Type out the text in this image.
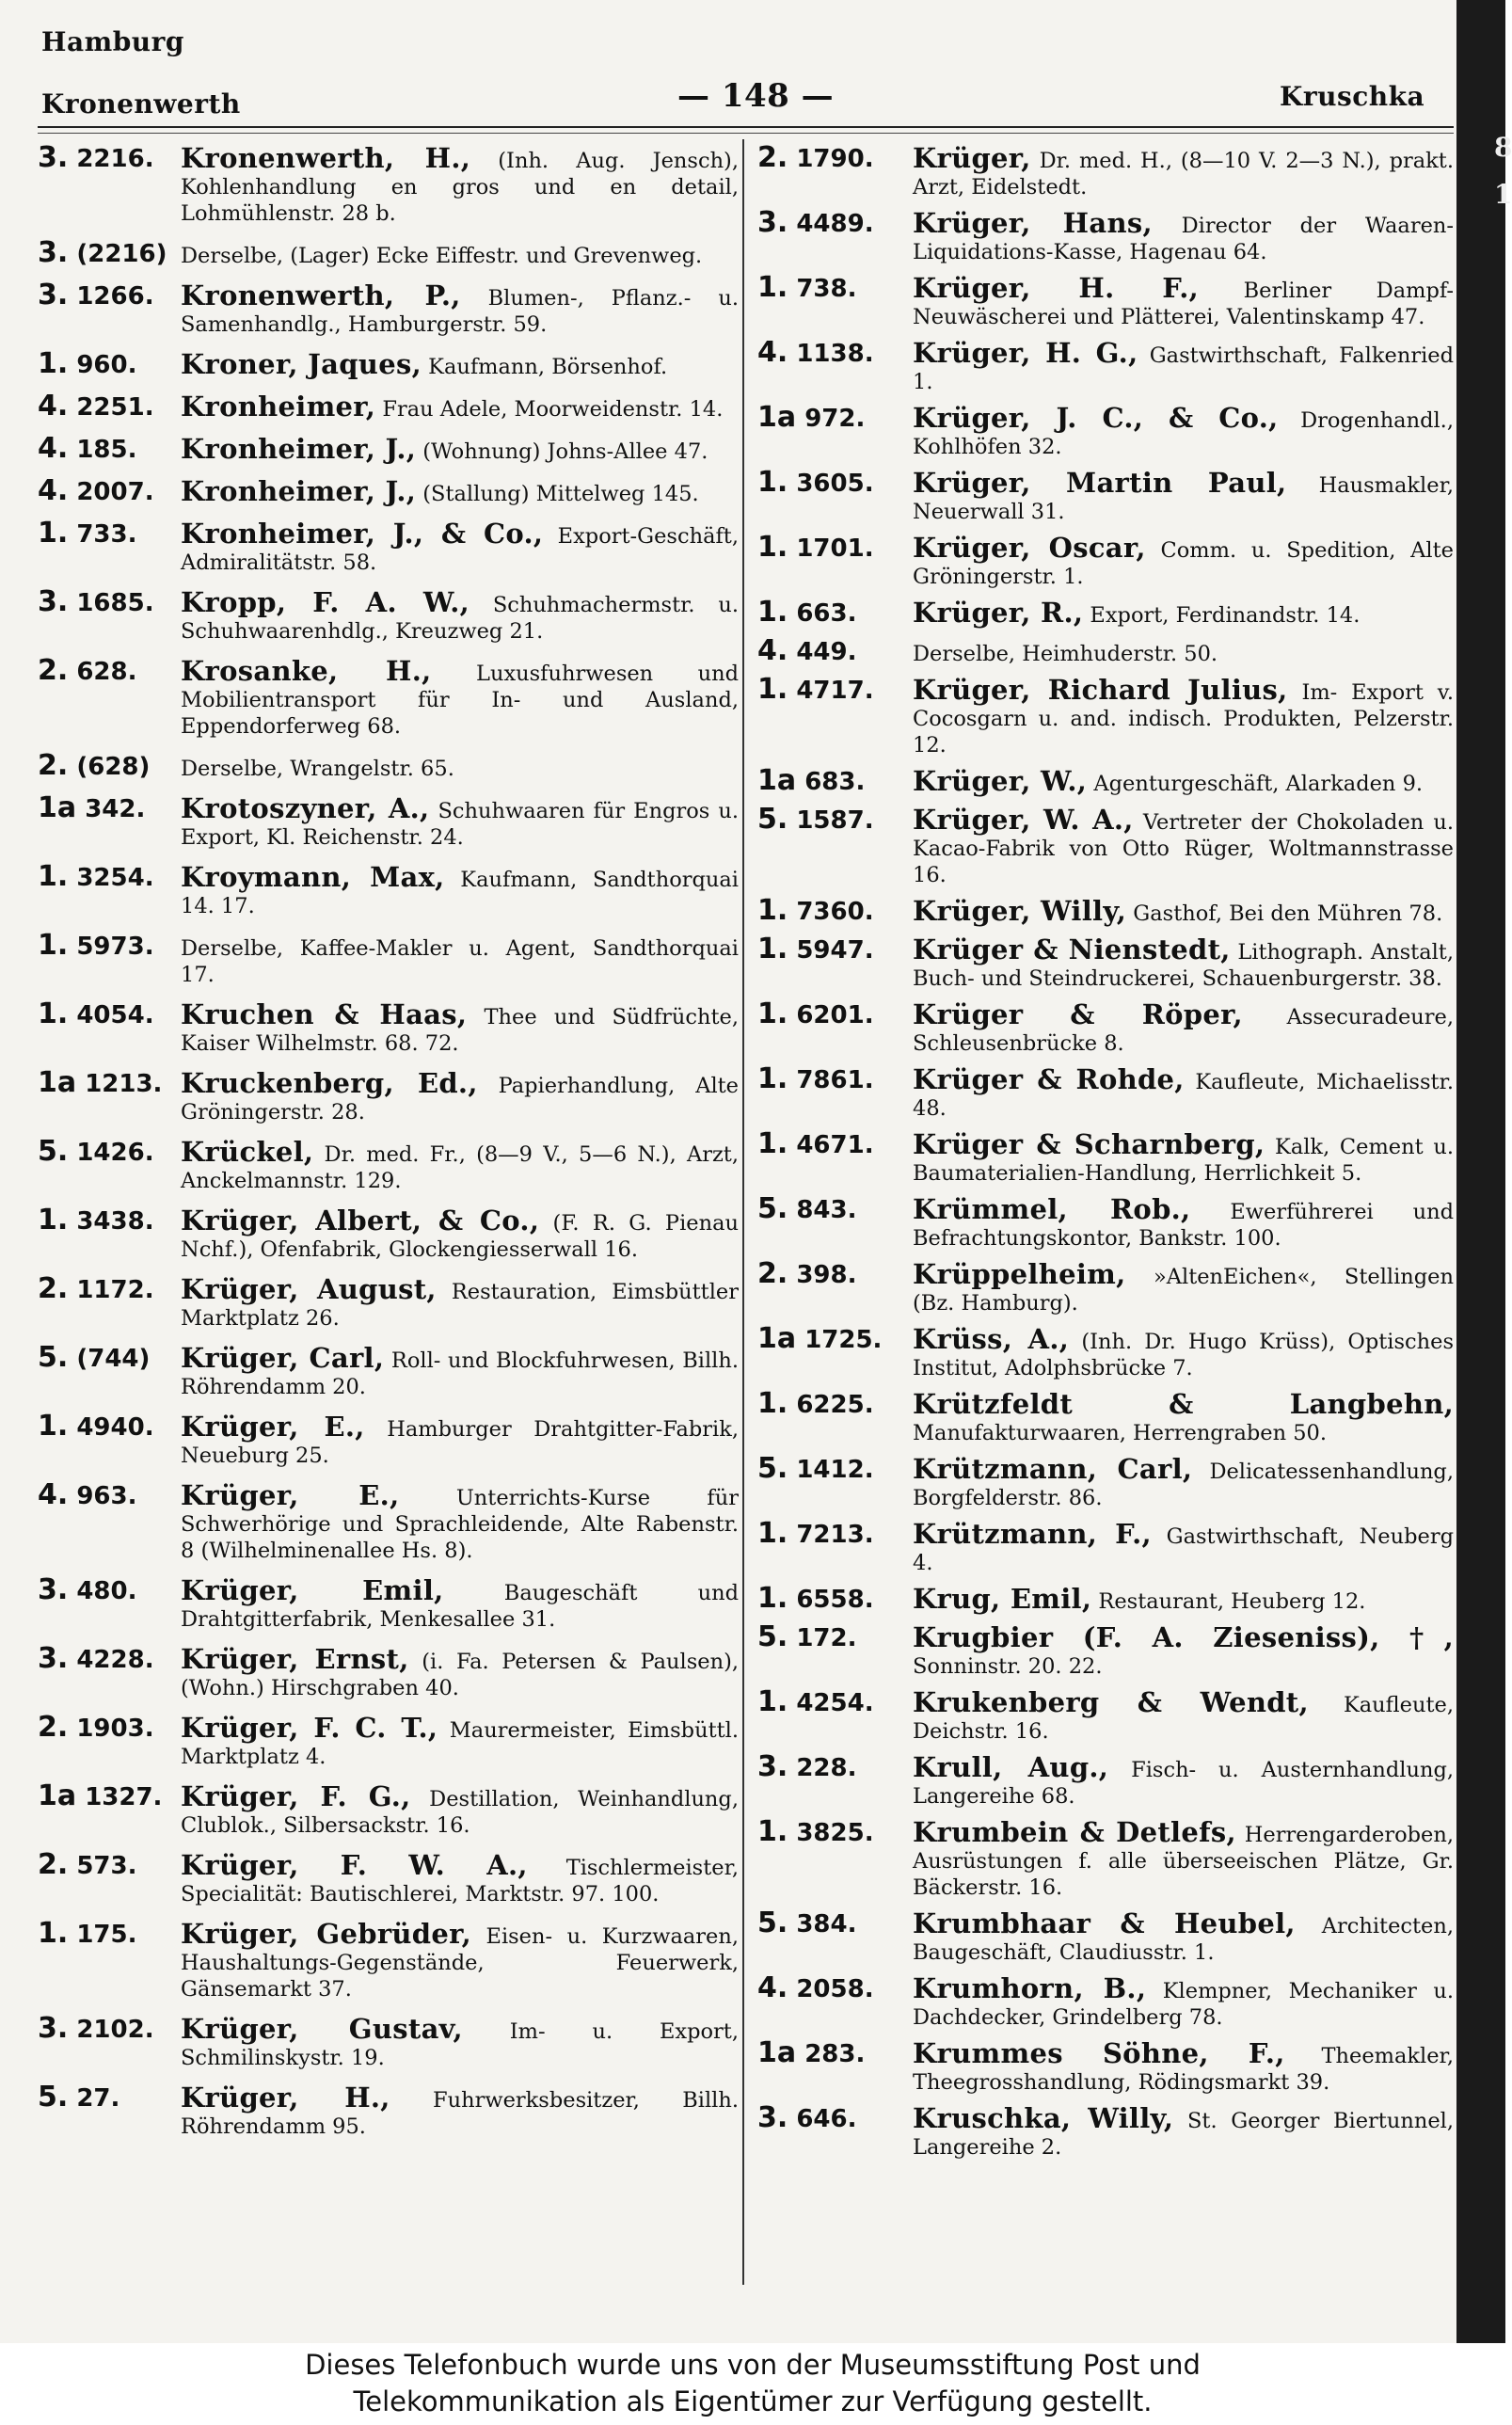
Hamburg
Kronenwerth	— 148 —	Kruschka
3. 2216. Kronenwerth, H., (Inh. Aug. Jensch), Kohlenhandlung en gros und en detail, Lohmühlenstr. 28 b.
3. (2216) Derselbe, (Lager) Ecke Eiffestr. und Grevenweg.
3. 1266. Kronenwerth, P., Blumen-, Pflanz.- u. Samenhandlg., Hamburgerstr. 59.
1. 960.	Kroner, Jaques, Kaufmann, Börsenhof.
4. 2251. Kronheimer, Frau Adele, Moorweidenstr. 14.
4. 185.	Kronheimer, J., (Wohnung) Johns-Allee 47.
4. 2007. Kronheimer, J., (Stallung) Mittelweg 145.
1. 733.	Kronheimer, J., & Co., Export-Geschäft, Admiralitätstr. 58.
3. 1685. Kropp, F. A. W., Schuhmachermstr. u. Schuhwaarenhdlg., Kreuzweg 21.
2. 628.	Krosanke, H., Luxusfuhrwesen und Mobilientransport für In- und Ausland, Eppendorferweg 68.
2. (628)	Derselbe, Wrangelstr. 65.
1a 342.	Krotoszyner, A., Schuhwaaren für Engros u. Export, Kl. Reichenstr. 24.
1. 3254. Kroymann, Max, Kaufmann, Sandthorquai 14. 17.
1. 5973.	Derselbe, Kaffee-Makler u. Agent, Sandthorquai 17.
1. 4054. Kruchen & Haas, Thee und Südfrüchte, Kaiser Wilhelmstr. 68. 72.
1a 1213. Kruckenberg, Ed., Papierhandlung, Alte Gröningerstr. 28.
5. 1426. Krückel, Dr. med. Fr., (8—9 V., 5—6 N.), Arzt, Anckelmannstr. 129.
1. 3438. Krüger, Albert, & Co., (F. R. G. Pienau Nchf.), Ofenfabrik, Glockengiesserwall 16.
2. 1172. Krüger, August, Restauration, Eimsbüttler Marktplatz 26.
5. (744)	Krüger, Carl, Roll- und Blockfuhrwesen, Billh. Röhrendamm 20.
1. 4940. Krüger, E., Hamburger Drahtgitter-Fabrik, Neueburg 25.
4. 963.	Krüger, E.,	Unterrichts-Kurse für Schwerhörige und Sprachleidende, Alte Rabenstr. 8 (Wilhelminenallee Hs. 8).
3. 480.	Krüger, Emil,	Baugeschäft und Drahtgitterfabrik, Menkesallee 31.
3. 4228. Krüger, Ernst, (i. Fa. Petersen & Paulsen), (Wohn.) Hirschgraben 40.
2. 1903. Krüger, F. C. T., Maurermeister, Eimsbüttl. Marktplatz 4.
1a 1327. Krüger, F. G., Destillation, Weinhandlung, Clublok., Silbersackstr. 16.
2. 573.	Krüger, F. W. A., Tischlermeister, Specialität: Bautischlerei, Marktstr. 97. 100.
1. 175.	Krüger, Gebrüder, Eisen- u. Kurzwaaren, Haushaltungs-Gegenstände, Feuerwerk, Gänsemarkt 37.
3. 2102. Krüger, Gustav, Im- u. Export, Schmilinskystr. 19.
5. 27.	Krüger, H., Fuhrwerksbesitzer, Billh. Röhrendamm 95.
2. 1790.	Krüger, Dr. med. H., (8—10 V. 2—3 N.), prakt. Arzt, Eidelstedt.
3. 4489.	Krüger, Hans, Director der Waaren-Liquidations-Kasse, Hagenau 64.
1. 738.	Krüger, H. F., Berliner Dampf-Neuwäscherei und Plätterei, Valentinskamp 47.
4. 1138.	Krüger, H. G., Gastwirthschaft, Falkenried 1.
1a 972.	Krüger, J. C., & Co., Drogenhandl., Kohlhöfen 32.
1. 3605.	Krüger, Martin Paul, Hausmakler, Neuerwall 31.
1. 1701.	Krüger, Oscar, Comm. u. Spedition, Alte Gröningerstr. 1.
1. 663.	Krüger, R., Export, Ferdinandstr. 14.
4. 449.	Derselbe, Heimhuderstr. 50.
1. 4717.	Krüger, Richard Julius, Im- Export v. Cocosgarn u. and. indisch. Produkten, Pelzerstr. 12.
1a 683.	Krüger, W., Agenturgeschäft, Alarkaden 9.
5. 1587.	Krüger, W. A., Vertreter der Chokoladen u. Kacao-Fabrik von Otto Rüger, Woltmannstrasse 16.
1. 7360.	Krüger, Willy, Gasthof, Bei den Mühren 78.
1. 5947.	Krüger & Nienstedt, Lithograph. Anstalt, Buch- und Steindruckerei, Schauenburgerstr. 38.
1. 6201.	Krüger & Röper, Assecuradeure, Schleusenbrücke 8.
1. 7861.	Krüger & Rohde, Kaufleute, Michaelisstr. 48.
1. 4671.	Krüger & Scharnberg, Kalk, Cement u. Baumaterialien-Handlung, Herrlichkeit 5.
5. 843.	Krümmel, Rob., Ewerführerei und Befrachtungskontor, Bankstr. 100.
2. 398.	Krüppelheim, »AltenEichen«, Stellingen (Bz. Hamburg).
1a 1725.	Krüss, A., (Inh. Dr. Hugo Krüss), Optisches Institut, Adolphsbrücke 7.
1. 6225.	Krützfeldt & Langbehn, Manufakturwaaren, Herrengraben 50.
5. 1412.	Krützmann, Carl, Delicatessenhandlung, Borgfelderstr. 86.
1. 7213.	Krützmann, F., Gastwirthschaft, Neuberg 4.
1. 6558.	Krug, Emil, Restaurant, Heuberg 12.
5. 172.	Krugbier (F. A. Zieseniss), †, Sonninstr. 20. 22.
1. 4254.	Krukenberg & Wendt, Kaufleute, Deichstr. 16.
3. 228.	Krull, Aug., Fisch- u. Austernhandlung, Langereihe 68.
1. 3825.	Krumbein & Detlefs, Herrengarderoben, Ausrüstungen f. alle überseeischen Plätze, Gr. Bäckerstr. 16.
5. 384.	Krumbhaar & Heubel, Architecten, Baugeschäft, Claudiusstr. 1.
4. 2058.	Krumhorn, B., Klempner, Mechaniker u. Dachdecker, Grindelberg 78.
1a 283.	Krummes Söhne, F., Theemakler, Theegrosshandlung, Rödingsmarkt 39.
3. 646.	Kruschka, Willy, St. Georger Biertunnel, Langereihe 2.
8
1
Dieses Telefonbuch wurde uns von der Museumsstiftung Post und
Telekommunikation als Eigentümer zur Verfügung gestellt.
